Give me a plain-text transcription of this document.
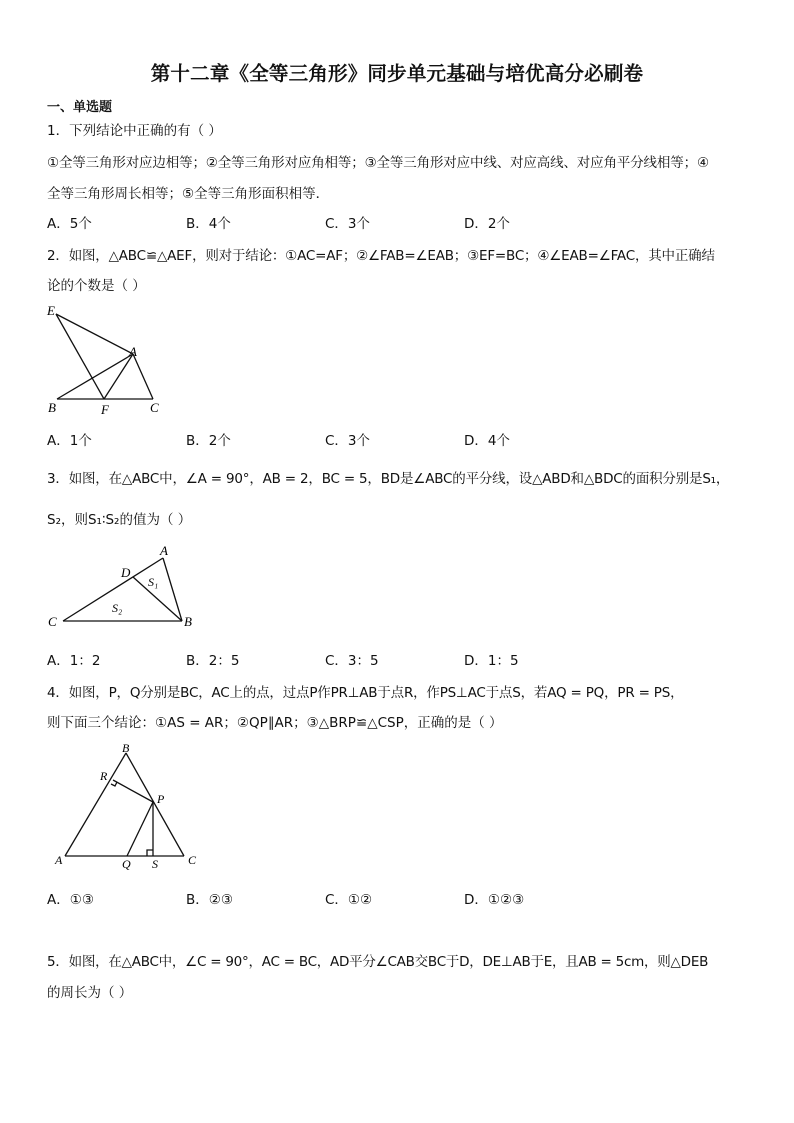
第十二章《全等三角形》同步单元基础与培优高分必刷卷
一、单选题
1．下列结论中正确的有（ ）
①全等三角形对应边相等；②全等三角形对应角相等；③全等三角形对应中线、对应高线、对应角平分线相等；④
全等三角形周长相等；⑤全等三角形面积相等．
A．5个	B．4个	C．3个	D．2个
2．如图，△ABC≌△AEF，则对于结论：①AC=AF；②∠FAB=∠EAB；③EF=BC；④∠EAB=∠FAC，其中正确结
论的个数是（ ）
E
A
B	F	C
A．1个	B．2个	C．3个	D．4个
3．如图，在△ABC中，∠A = 90°，AB = 2，BC = 5，BD是∠ABC的平分线，设△ABD和△BDC的面积分别是S₁，
S₂，则S₁∶S₂的值为（ ）
A
D
S₁
S₂
C	B
A．1：2	B．2：5	C．3：5	D．1：5
4．如图，P，Q分别是BC，AC上的点，过点P作PR⊥AB于点R，作PS⊥AC于点S，若AQ = PQ，PR = PS，
则下面三个结论：①AS = AR；②QP∥AR；③△BRP≌△CSP，正确的是（ ）
B
R
P
A	Q S	C
A．①③	B．②③	C．①②	D．①②③
5．如图，在△ABC中，∠C = 90°，AC = BC，AD平分∠CAB交BC于D，DE⊥AB于E，且AB = 5cm，则△DEB
的周长为（ ）
